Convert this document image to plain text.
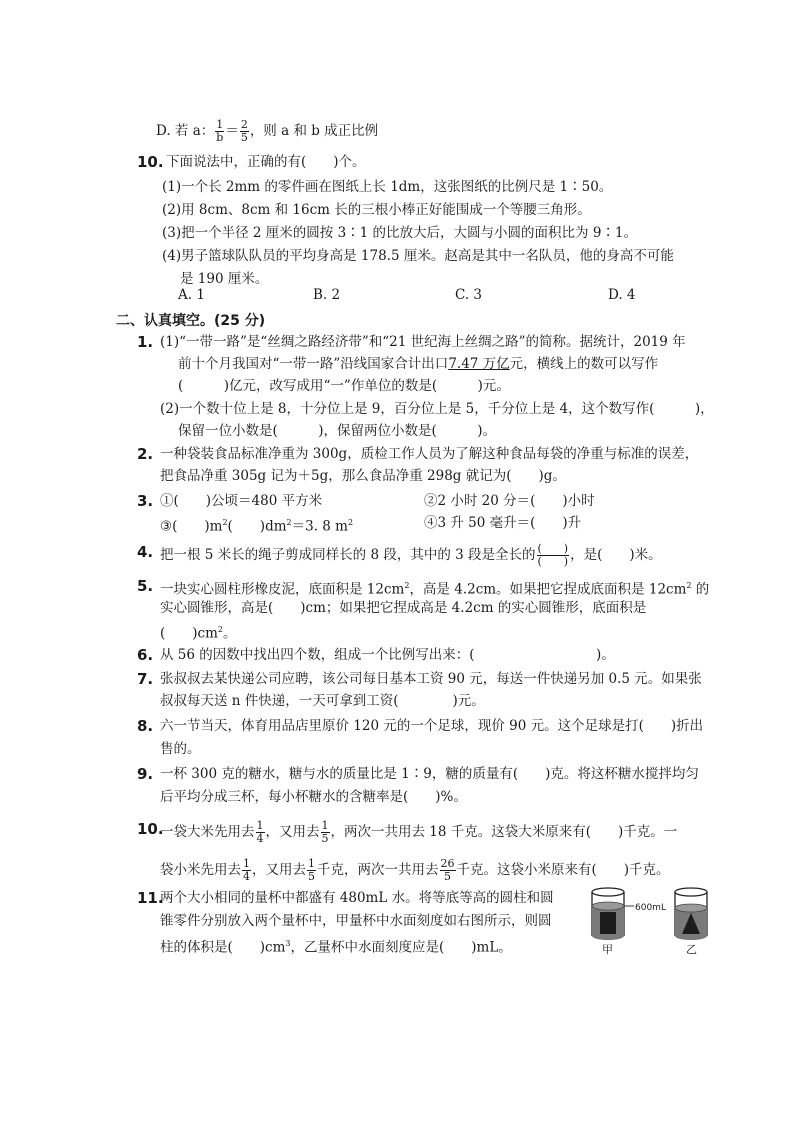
D. 若 a： $\frac{1}{b} = \frac{2}{5}$ ，则 a 和 b 成正比例
10. 下面说法中，正确的有(　　)个。
(1)一个长 2mm 的零件画在图纸上长 1dm，这张图纸的比例尺是 1∶50。
(2)用 8cm、8cm 和 16cm 长的三根小棒正好能围成一个等腰三角形。
(3)把一个半径 2 厘米的圆按 3∶1 的比放大后，大圆与小圆的面积比为 9∶1。
(4)男子篮球队队员的平均身高是 178.5 厘米。赵高是其中一名队员，他的身高不可能
是 190 厘米。
A. 1	B. 2	C. 3	D. 4
二、认真填空。(25 分)
1. (1)“一带一路”是“丝绸之路经济带”和“21 世纪海上丝绸之路”的简称。据统计，2019 年
前十个月我国对“一带一路”沿线国家合计出口7.47 万亿元，横线上的数可以写作
(　　　)亿元，改写成用“一”作单位的数是(　　　)元。
(2)一个数十位上是 8，十分位上是 9，百分位上是 5，千分位上是 4，这个数写作(　　　)，
保留一位小数是(　　　)，保留两位小数是(　　　)。
2. 一种袋装食品标准净重为 300g，质检工作人员为了解这种食品每袋的净重与标准的误差，
把食品净重 305g 记为＋5g，那么食品净重 298g 就记为(　　)g。
3. ①(　　)公顷＝480 平方米	②2 小时 20 分＝(　　)小时
③(　　)$m^2$(　　)$dm^2=3$. 8 $m^2$	④3 升 50 毫升＝(　　)升
4. 把一根 5 米长的绳子剪成同样长的 8 段，其中的 3 段是全长的 $\frac{( )}{( )}$ ，是(　　)米。
5. 一块实心圆柱形橡皮泥，底面积是 $12cm^2$，高是 4.2cm。如果把它捏成底面积是 $12cm^2$ 的
实心圆锥形，高是(　　)cm；如果把它捏成高是 4.2cm 的实心圆锥形，底面积是
(　　)$cm^2$。
6. 从 56 的因数中找出四个数，组成一个比例写出来：(　　　　　　　　　)。
7. 张叔叔去某快递公司应聘，该公司每日基本工资 90 元，每送一件快递另加 0.5 元。如果张
叔叔每天送 n 件快递，一天可拿到工资(　　　　)元。
8. 六一节当天，体育用品店里原价 120 元的一个足球，现价 90 元。这个足球是打(　　)折出
售的。
9. 一杯 300 克的糖水，糖与水的质量比是 1∶9，糖的质量有(　　)克。将这杯糖水搅拌均匀
后平均分成三杯，每小杯糖水的含糖率是(　　)%。
10.
一袋大米先用去 $\frac{1}{4}$ ，又用去 $\frac{1}{5}$ ，两次一共用去 18 千克。这袋大米原来有(　　)千克。一
袋小米先用去 $\frac{1}{4}$ ，又用去 $\frac{1}{5}$ 千克，两次一共用去 $\frac{26}{5}$ 千克。这袋小米原来有(　　)千克。
11.
两个大小相同的量杯中都盛有 480mL 水。将等底等高的圆柱和圆
锥零件分别放入两个量杯中，甲量杯中水面刻度如右图所示，则圆
柱的体积是(　　)$cm^3$，乙量杯中水面刻度应是(　　)mL。
600mL
甲	乙
